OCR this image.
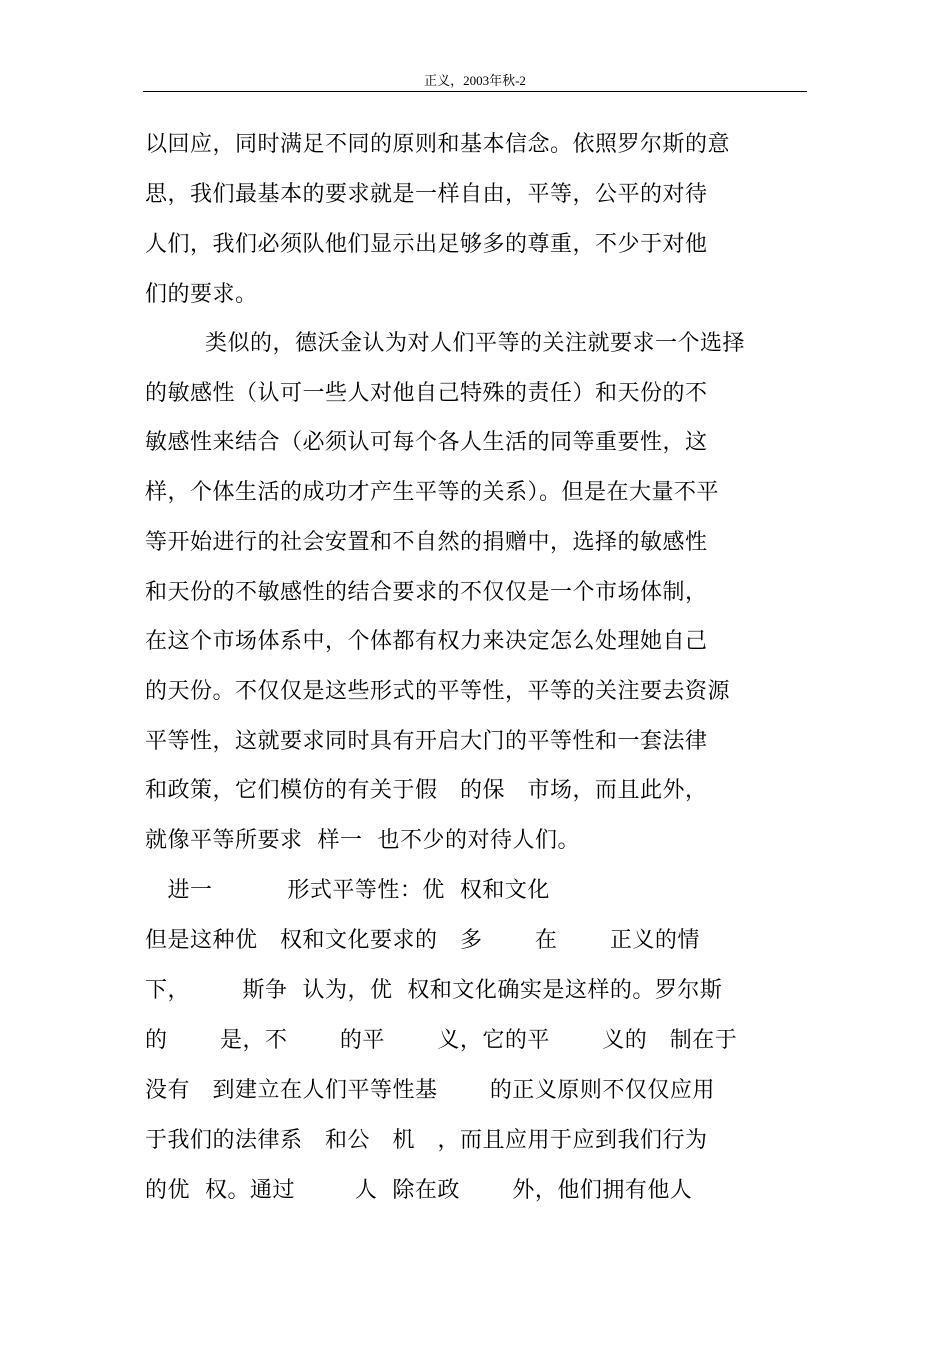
正义，2003年秋-2
以回应，同时满足不同的原则和基本信念。依照罗尔斯的意
思，我们最基本的要求就是一样自由，平等，公平的对待
人们，我们必须队他们显示出足够多的尊重，不少于对他
们的要求。
类似的，德沃金认为对人们平等的关注就要求一个选择
的敏感性（认可一些人对他自己特殊的责任）和天份的不
敏感性来结合（必须认可每个各人生活的同等重要性，这
样，个体生活的成功才产生平等的关系）。但是在大量不平
等开始进行的社会安置和不自然的捐赠中，选择的敏感性
和天份的不敏感性的结合要求的不仅仅是一个市场体制，
在这个市场体系中，个体都有权力来决定怎么处理她自己
的天份。不仅仅是这些形式的平等性，平等的关注要去资源
平等性，这就要求同时具有开启大门的平等性和一套法律
和政策，它们模仿的有关于假   的保   市场，而且此外，
就像平等所要求  样一  也不少的对待人们。
进一          形式平等性：优  权和文化
但是这种优   权和文化要求的   多       在       正义的情
下，       斯争  认为，优  权和文化确实是这样的。罗尔斯
的       是，不       的平       义，它的平       义的   制在于
没有   到建立在人们平等性基       的正义原则不仅仅应用
于我们的法律系   和公   机   ，而且应用于应到我们行为
的优  权。通过        人  除在政       外，他们拥有他人
